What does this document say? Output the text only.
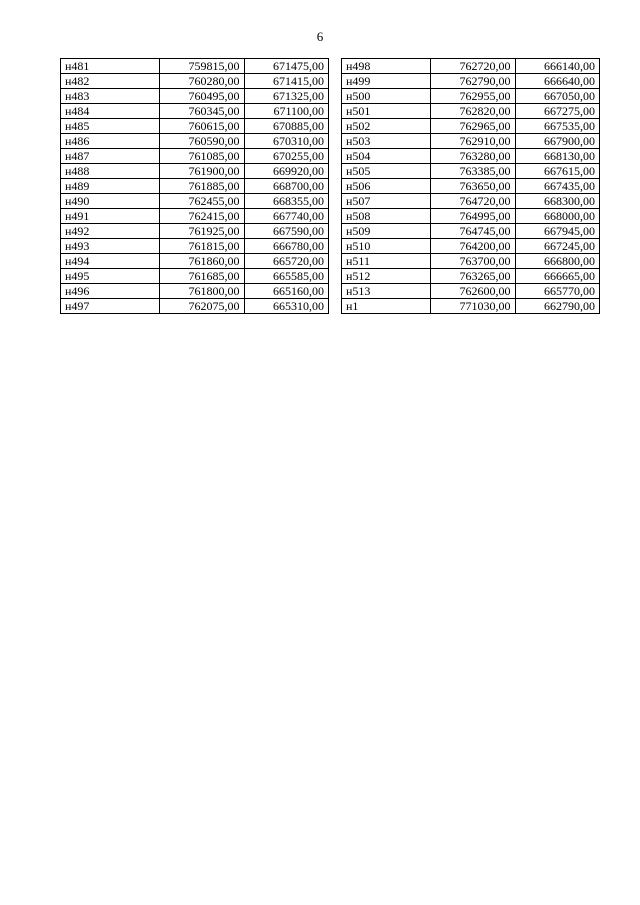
6
н481	759815,00	671475,00		н498	762720,00	666140,00
н482	760280,00	671415,00		н499	762790,00	666640,00
н483	760495,00	671325,00		н500	762955,00	667050,00
н484	760345,00	671100,00		н501	762820,00	667275,00
н485	760615,00	670885,00		н502	762965,00	667535,00
н486	760590,00	670310,00		н503	762910,00	667900,00
н487	761085,00	670255,00		н504	763280,00	668130,00
н488	761900,00	669920,00		н505	763385,00	667615,00
н489	761885,00	668700,00		н506	763650,00	667435,00
н490	762455,00	668355,00		н507	764720,00	668300,00
н491	762415,00	667740,00		н508	764995,00	668000,00
н492	761925,00	667590,00		н509	764745,00	667945,00
н493	761815,00	666780,00		н510	764200,00	667245,00
н494	761860,00	665720,00		н511	763700,00	666800,00
н495	761685,00	665585,00		н512	763265,00	666665,00
н496	761800,00	665160,00		н513	762600,00	665770,00
н497	762075,00	665310,00		н1	771030,00	662790,00
